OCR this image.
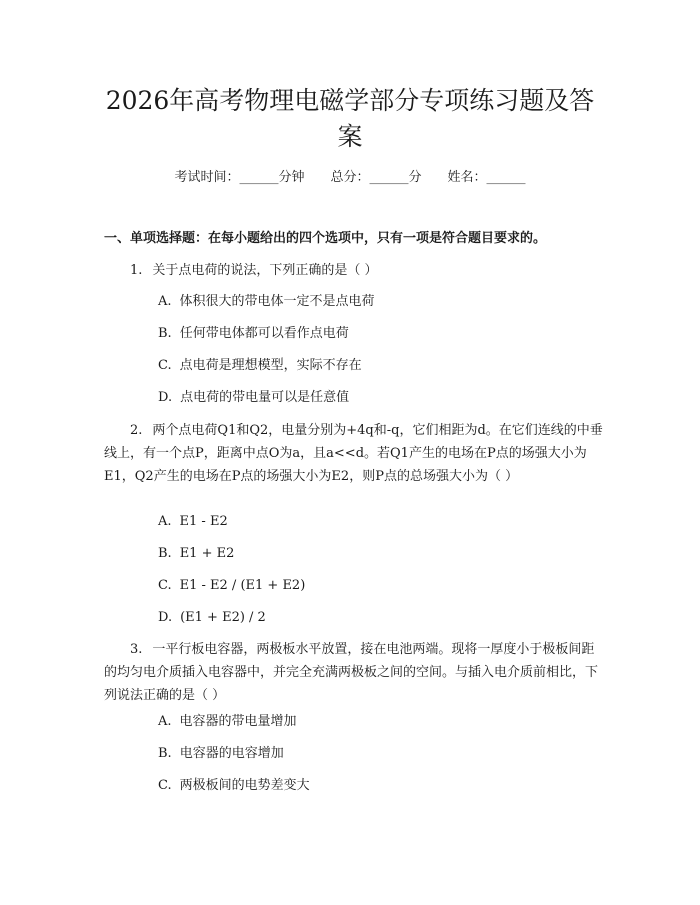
2026年高考物理电磁学部分专项练习题及答案
考试时间：______分钟 总分：______分 姓名：______
一、单项选择题：在每小题给出的四个选项中，只有一项是符合题目要求的。
1. 关于点电荷的说法，下列正确的是（ ）
A. 体积很大的带电体一定不是点电荷
B. 任何带电体都可以看作点电荷
C. 点电荷是理想模型，实际不存在
D. 点电荷的带电量可以是任意值
2. 两个点电荷Q1和Q2，电量分别为+4q和-q，它们相距为d。在它们连线的中垂线上，有一个点P，距离中点O为a，且a<<d。若Q1产生的电场在P点的场强大小为E1，Q2产生的电场在P点的场强大小为E2，则P点的总场强大小为（ ）
A. E1 - E2
B. E1 + E2
C. E1 - E2 / (E1 + E2)
D. (E1 + E2) / 2
3. 一平行板电容器，两极板水平放置，接在电池两端。现将一厚度小于极板间距的均匀电介质插入电容器中，并完全充满两极板之间的空间。与插入电介质前相比，下列说法正确的是（ ）
A. 电容器的带电量增加
B. 电容器的电容增加
C. 两极板间的电势差变大
